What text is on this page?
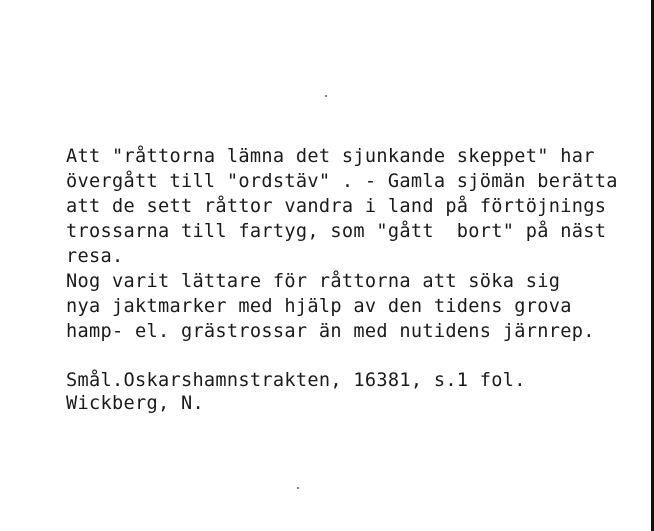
Att "råttorna lämna det sjunkande skeppet" har
övergått till "ordstäv" . - Gamla sjömän berätta
att de sett råttor vandra i land på förtöjnings
trossarna till fartyg, som "gått  bort" på näst
resa.
Nog varit lättare för råttorna att söka sig
nya jaktmarker med hjälp av den tidens grova
hamp- el. grästrossar än med nutidens järnrep.
Smål.Oskarshamnstrakten, 16381, s.1 fol.
Wickberg, N.
